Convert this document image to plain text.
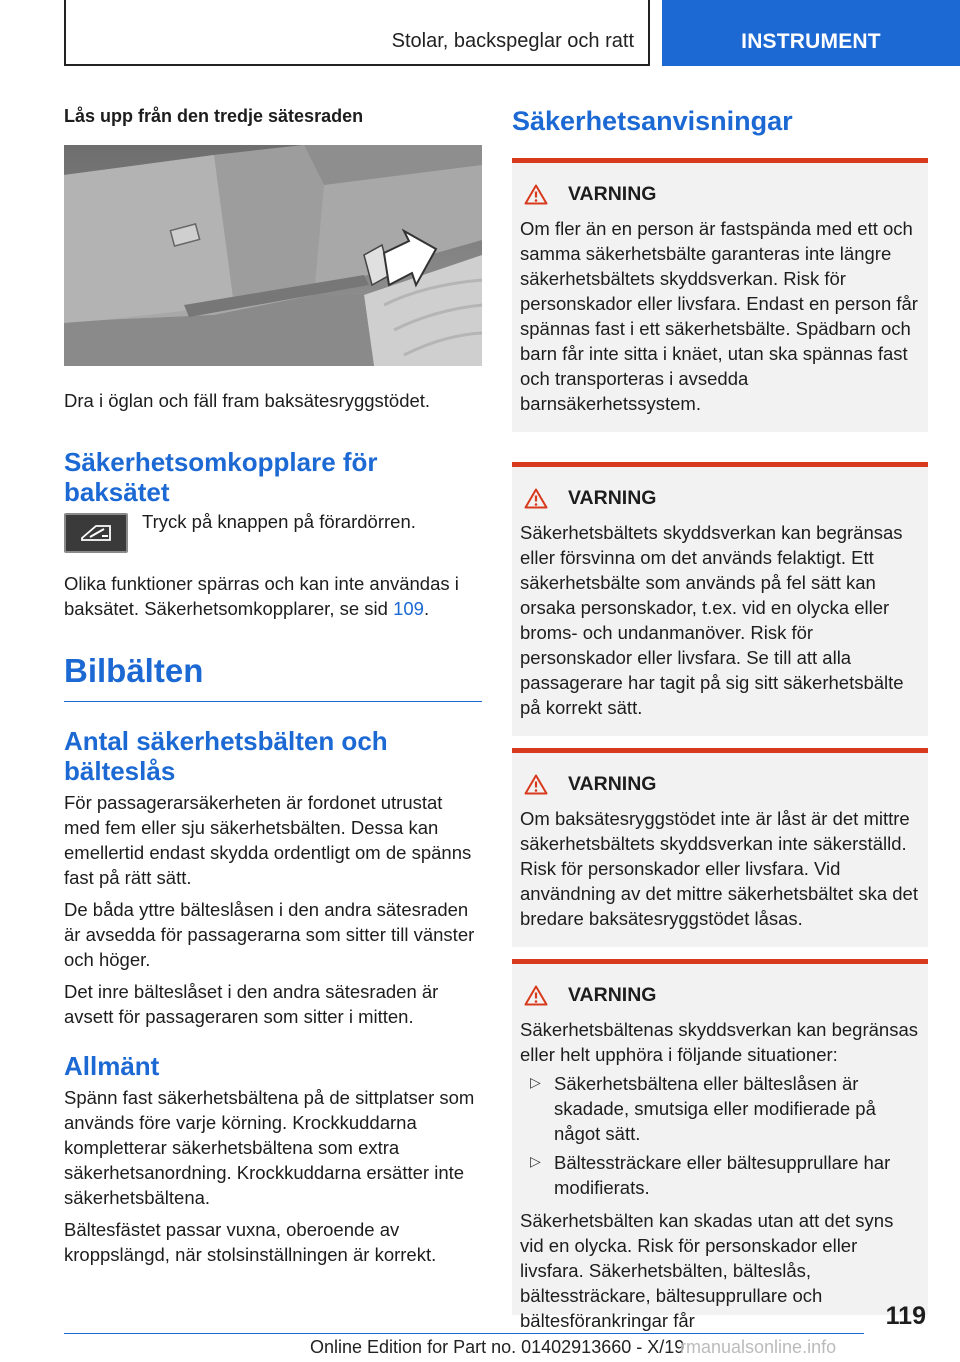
Stolar, backspeglar och ratt	INSTRUMENT
Lås upp från den tredje sätesraden
Dra i öglan och fäll fram baksätesryggstödet.
Säkerhetsomkopplare för baksätet
Tryck på knappen på förardörren.
Olika funktioner spärras och kan inte användas i baksätet. Säkerhetsomkopplarer, se sid 109.
Bilbälten
Antal säkerhetsbälten och bälteslås
För passagerarsäkerheten är fordonet utrustat med fem eller sju säkerhetsbälten. Dessa kan emellertid endast skydda ordentligt om de spänns fast på rätt sätt.
De båda yttre bälteslåsen i den andra sätesraden är avsedda för passagerarna som sitter till vänster och höger.
Det inre bälteslåset i den andra sätesraden är avsett för passageraren som sitter i mitten.
Allmänt
Spänn fast säkerhetsbältena på de sittplatser som används före varje körning. Krockkuddarna kompletterar säkerhetsbältena som extra säkerhetsanordning. Krockkuddarna ersätter inte säkerhetsbältena.
Bältesfästet passar vuxna, oberoende av kroppslängd, när stolsinställningen är korrekt.
Säkerhetsanvisningar
VARNING
Om fler än en person är fastspända med ett och samma säkerhetsbälte garanteras inte längre säkerhetsbältets skyddsverkan. Risk för personskador eller livsfara. Endast en person får spännas fast i ett säkerhetsbälte. Spädbarn och barn får inte sitta i knäet, utan ska spännas fast och transporteras i avsedda barnsäkerhetssystem.
VARNING
Säkerhetsbältets skyddsverkan kan begränsas eller försvinna om det används felaktigt. Ett säkerhetsbälte som används på fel sätt kan orsaka personskador, t.ex. vid en olycka eller broms- och undanmanöver. Risk för personskador eller livsfara. Se till att alla passagerare har tagit på sig sitt säkerhetsbälte på korrekt sätt.
VARNING
Om baksätesryggstödet inte är låst är det mittre säkerhetsbältets skyddsverkan inte säkerställd. Risk för personskador eller livsfara. Vid användning av det mittre säkerhetsbältet ska det bredare baksätesryggstödet låsas.
VARNING
Säkerhetsbältenas skyddsverkan kan begränsas eller helt upphöra i följande situationer:
▷ Säkerhetsbältena eller bälteslåsen är skadade, smutsiga eller modifierade på något sätt.
▷ Bältessträckare eller bältesupprullare har modifierats.
Säkerhetsbälten kan skadas utan att det syns vid en olycka. Risk för personskador eller livsfara. Säkerhetsbälten, bälteslås, bältessträckare, bältesupprullare och bältesförankringar får	119
Online Edition for Part no. 01402913660 - X/19
rmanualsonline.info
